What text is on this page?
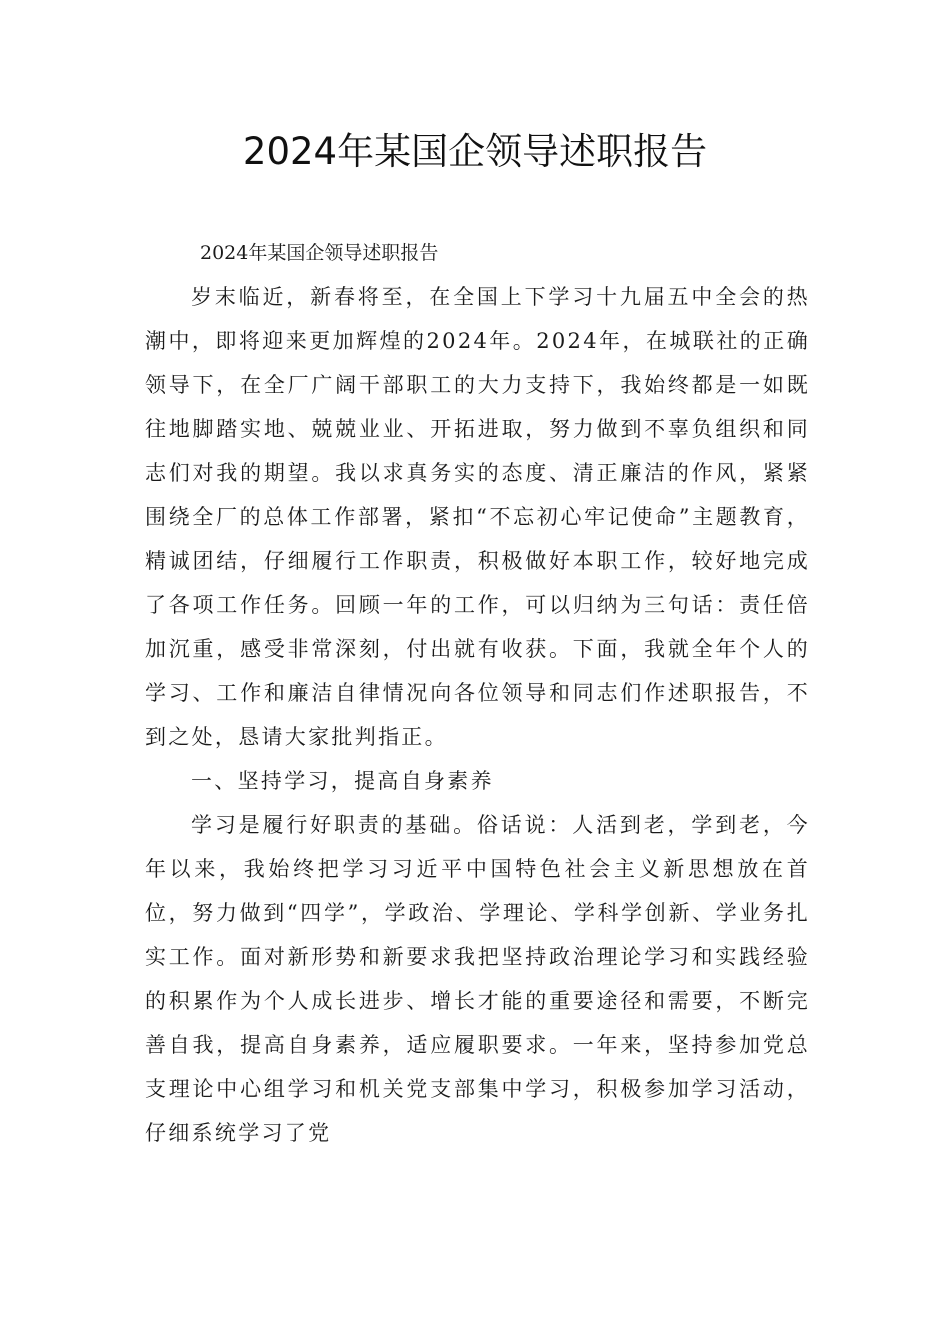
2024年某国企领导述职报告

2024年某国企领导述职报告

岁末临近，新春将至，在全国上下学习十九届五中全会的热潮中，即将迎来更加辉煌的2024年。2024年，在城联社的正确领导下，在全厂广阔干部职工的大力支持下，我始终都是一如既往地脚踏实地、兢兢业业、开拓进取，努力做到不辜负组织和同志们对我的期望。我以求真务实的态度、清正廉洁的作风，紧紧围绕全厂的总体工作部署，紧扣“不忘初心牢记使命”主题教育，精诚团结，仔细履行工作职责，积极做好本职工作，较好地完成了各项工作任务。回顾一年的工作，可以归纳为三句话：责任倍加沉重，感受非常深刻，付出就有收获。下面，我就全年个人的学习、工作和廉洁自律情况向各位领导和同志们作述职报告，不到之处，恳请大家批判指正。

一、坚持学习，提高自身素养

学习是履行好职责的基础。俗话说：人活到老，学到老，今年以来，我始终把学习习近平中国特色社会主义新思想放在首位，努力做到“四学”，学政治、学理论、学科学创新、学业务扎实工作。面对新形势和新要求我把坚持政治理论学习和实践经验的积累作为个人成长进步、增长才能的重要途径和需要，不断完善自我，提高自身素养，适应履职要求。一年来，坚持参加党总支理论中心组学习和机关党支部集中学习，积极参加学习活动，仔细系统学习了党
